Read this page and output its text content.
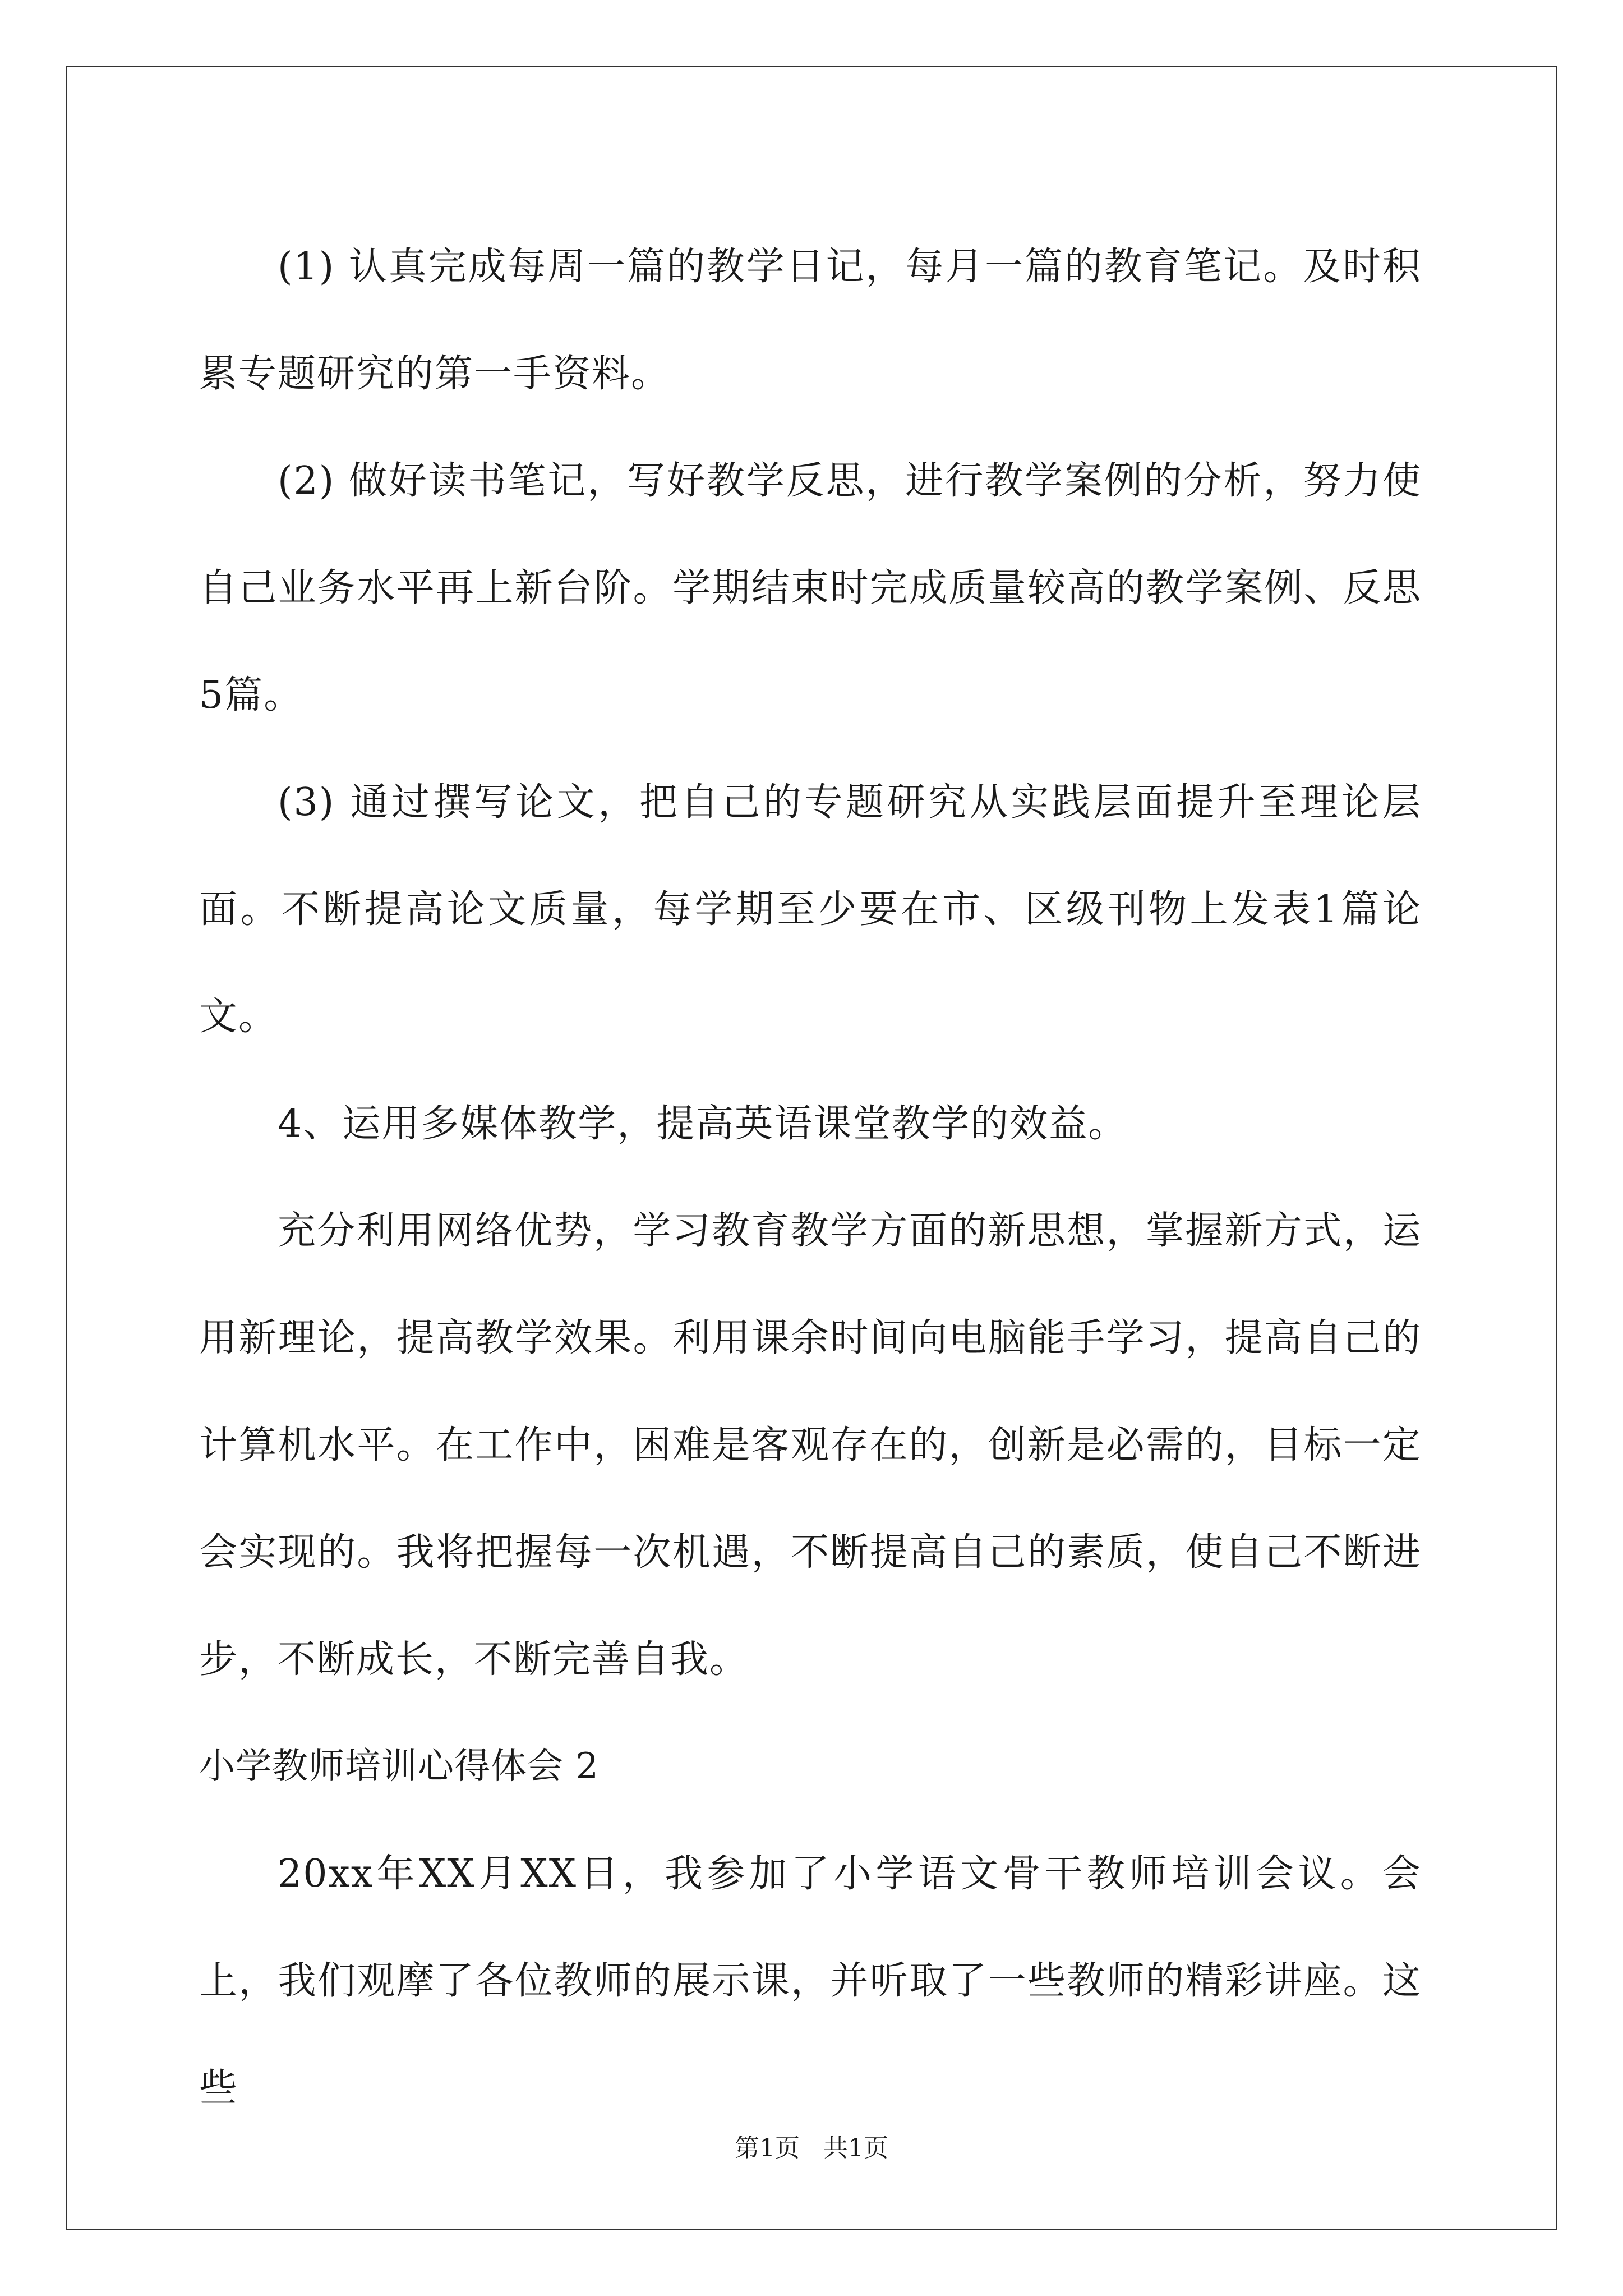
(1) 认真完成每周一篇的教学日记，每月一篇的教育笔记。及时积累专题研究的第一手资料。

(2) 做好读书笔记，写好教学反思，进行教学案例的分析，努力使自己业务水平再上新台阶。学期结束时完成质量较高的教学案例、反思5篇。

(3) 通过撰写论文，把自己的专题研究从实践层面提升至理论层面。不断提高论文质量，每学期至少要在市、区级刊物上发表1篇论文。

4、运用多媒体教学，提高英语课堂教学的效益。

充分利用网络优势，学习教育教学方面的新思想，掌握新方式，运用新理论，提高教学效果。利用课余时间向电脑能手学习，提高自己的计算机水平。在工作中，困难是客观存在的，创新是必需的，目标一定会实现的。我将把握每一次机遇，不断提高自己的素质，使自己不断进步，不断成长，不断完善自我。

小学教师培训心得体会 2

20xx年XX月XX日，我参加了小学语文骨干教师培训会议。会上，我们观摩了各位教师的展示课，并听取了一些教师的精彩讲座。这些

第1页 共1页
